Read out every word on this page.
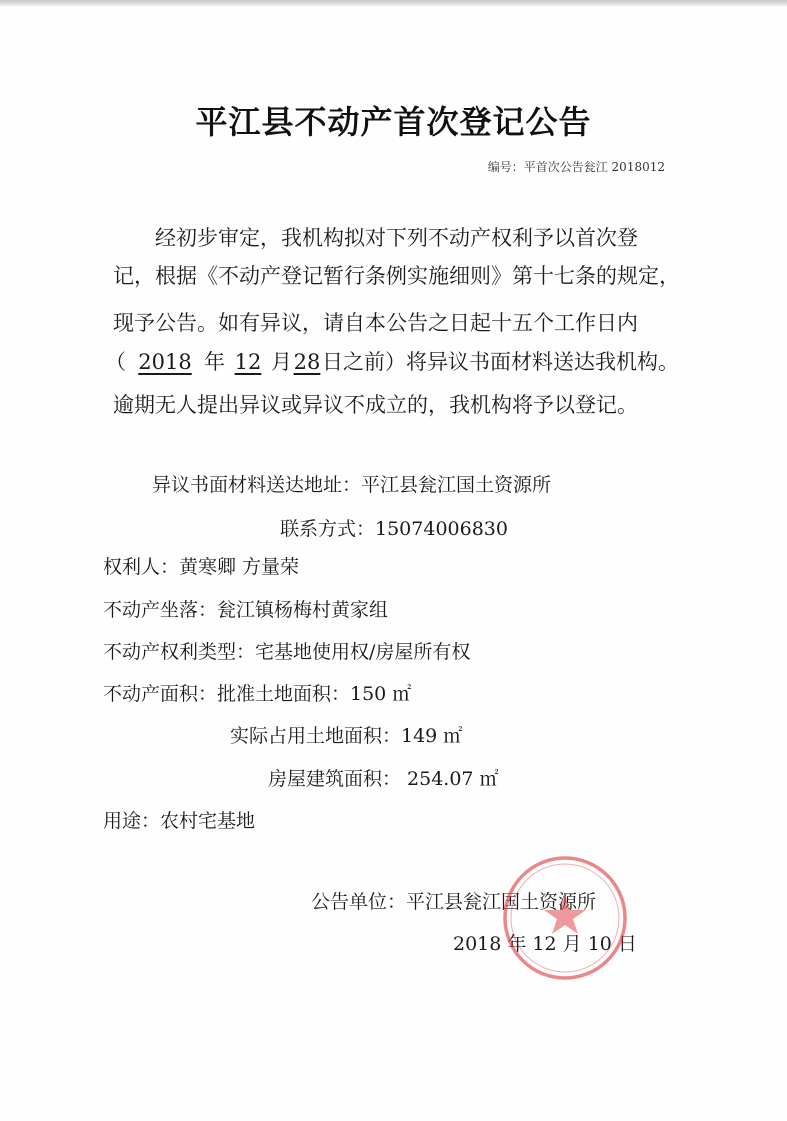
平江县不动产首次登记公告
编号：平首次公告瓮江 2018012
经初步审定，我机构拟对下列不动产权利予以首次登
记，根据《不动产登记暂行条例实施细则》第十七条的规定，
现予公告。如有异议，请自本公告之日起十五个工作日内
（ 2018 年 12 月28日之前）将异议书面材料送达我机构。
逾期无人提出异议或异议不成立的，我机构将予以登记。
异议书面材料送达地址：平江县瓮江国土资源所
联系方式：15074006830
权利人：黄寒卿 方量荣
不动产坐落：瓮江镇杨梅村黄家组
不动产权利类型：宅基地使用权/房屋所有权
不动产面积：批准土地面积：150 ㎡
实际占用土地面积：149 ㎡
房屋建筑面积： 254.07 ㎡
用途：农村宅基地
公告单位：平江县瓮江国土资源所
2018 年 12 月 10 日
